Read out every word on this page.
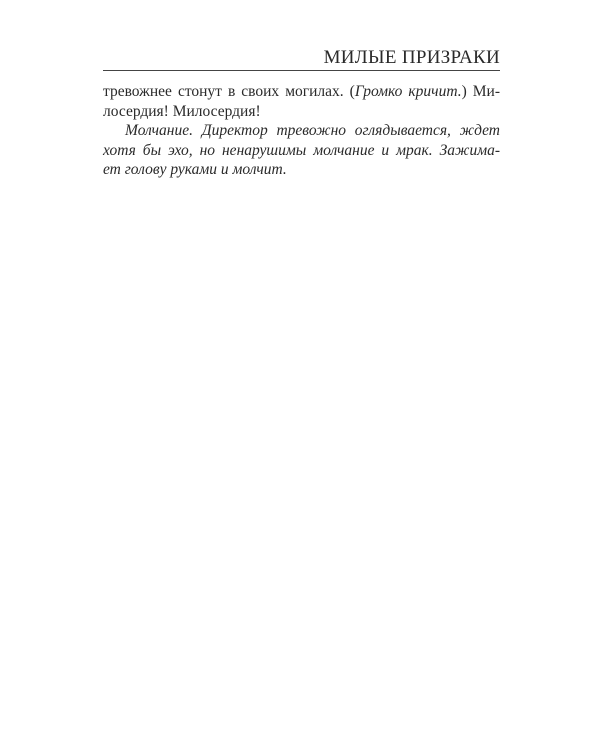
МИЛЫЕ ПРИЗРАКИ
тревожнее стонут в своих могилах. (Громко кричит.) Ми-
лосердия! Милосердия!
Молчание. Директор тревожно оглядывается, ждет
хотя бы эхо, но ненарушимы молчание и мрак. Зажима-
ет голову руками и молчит.
